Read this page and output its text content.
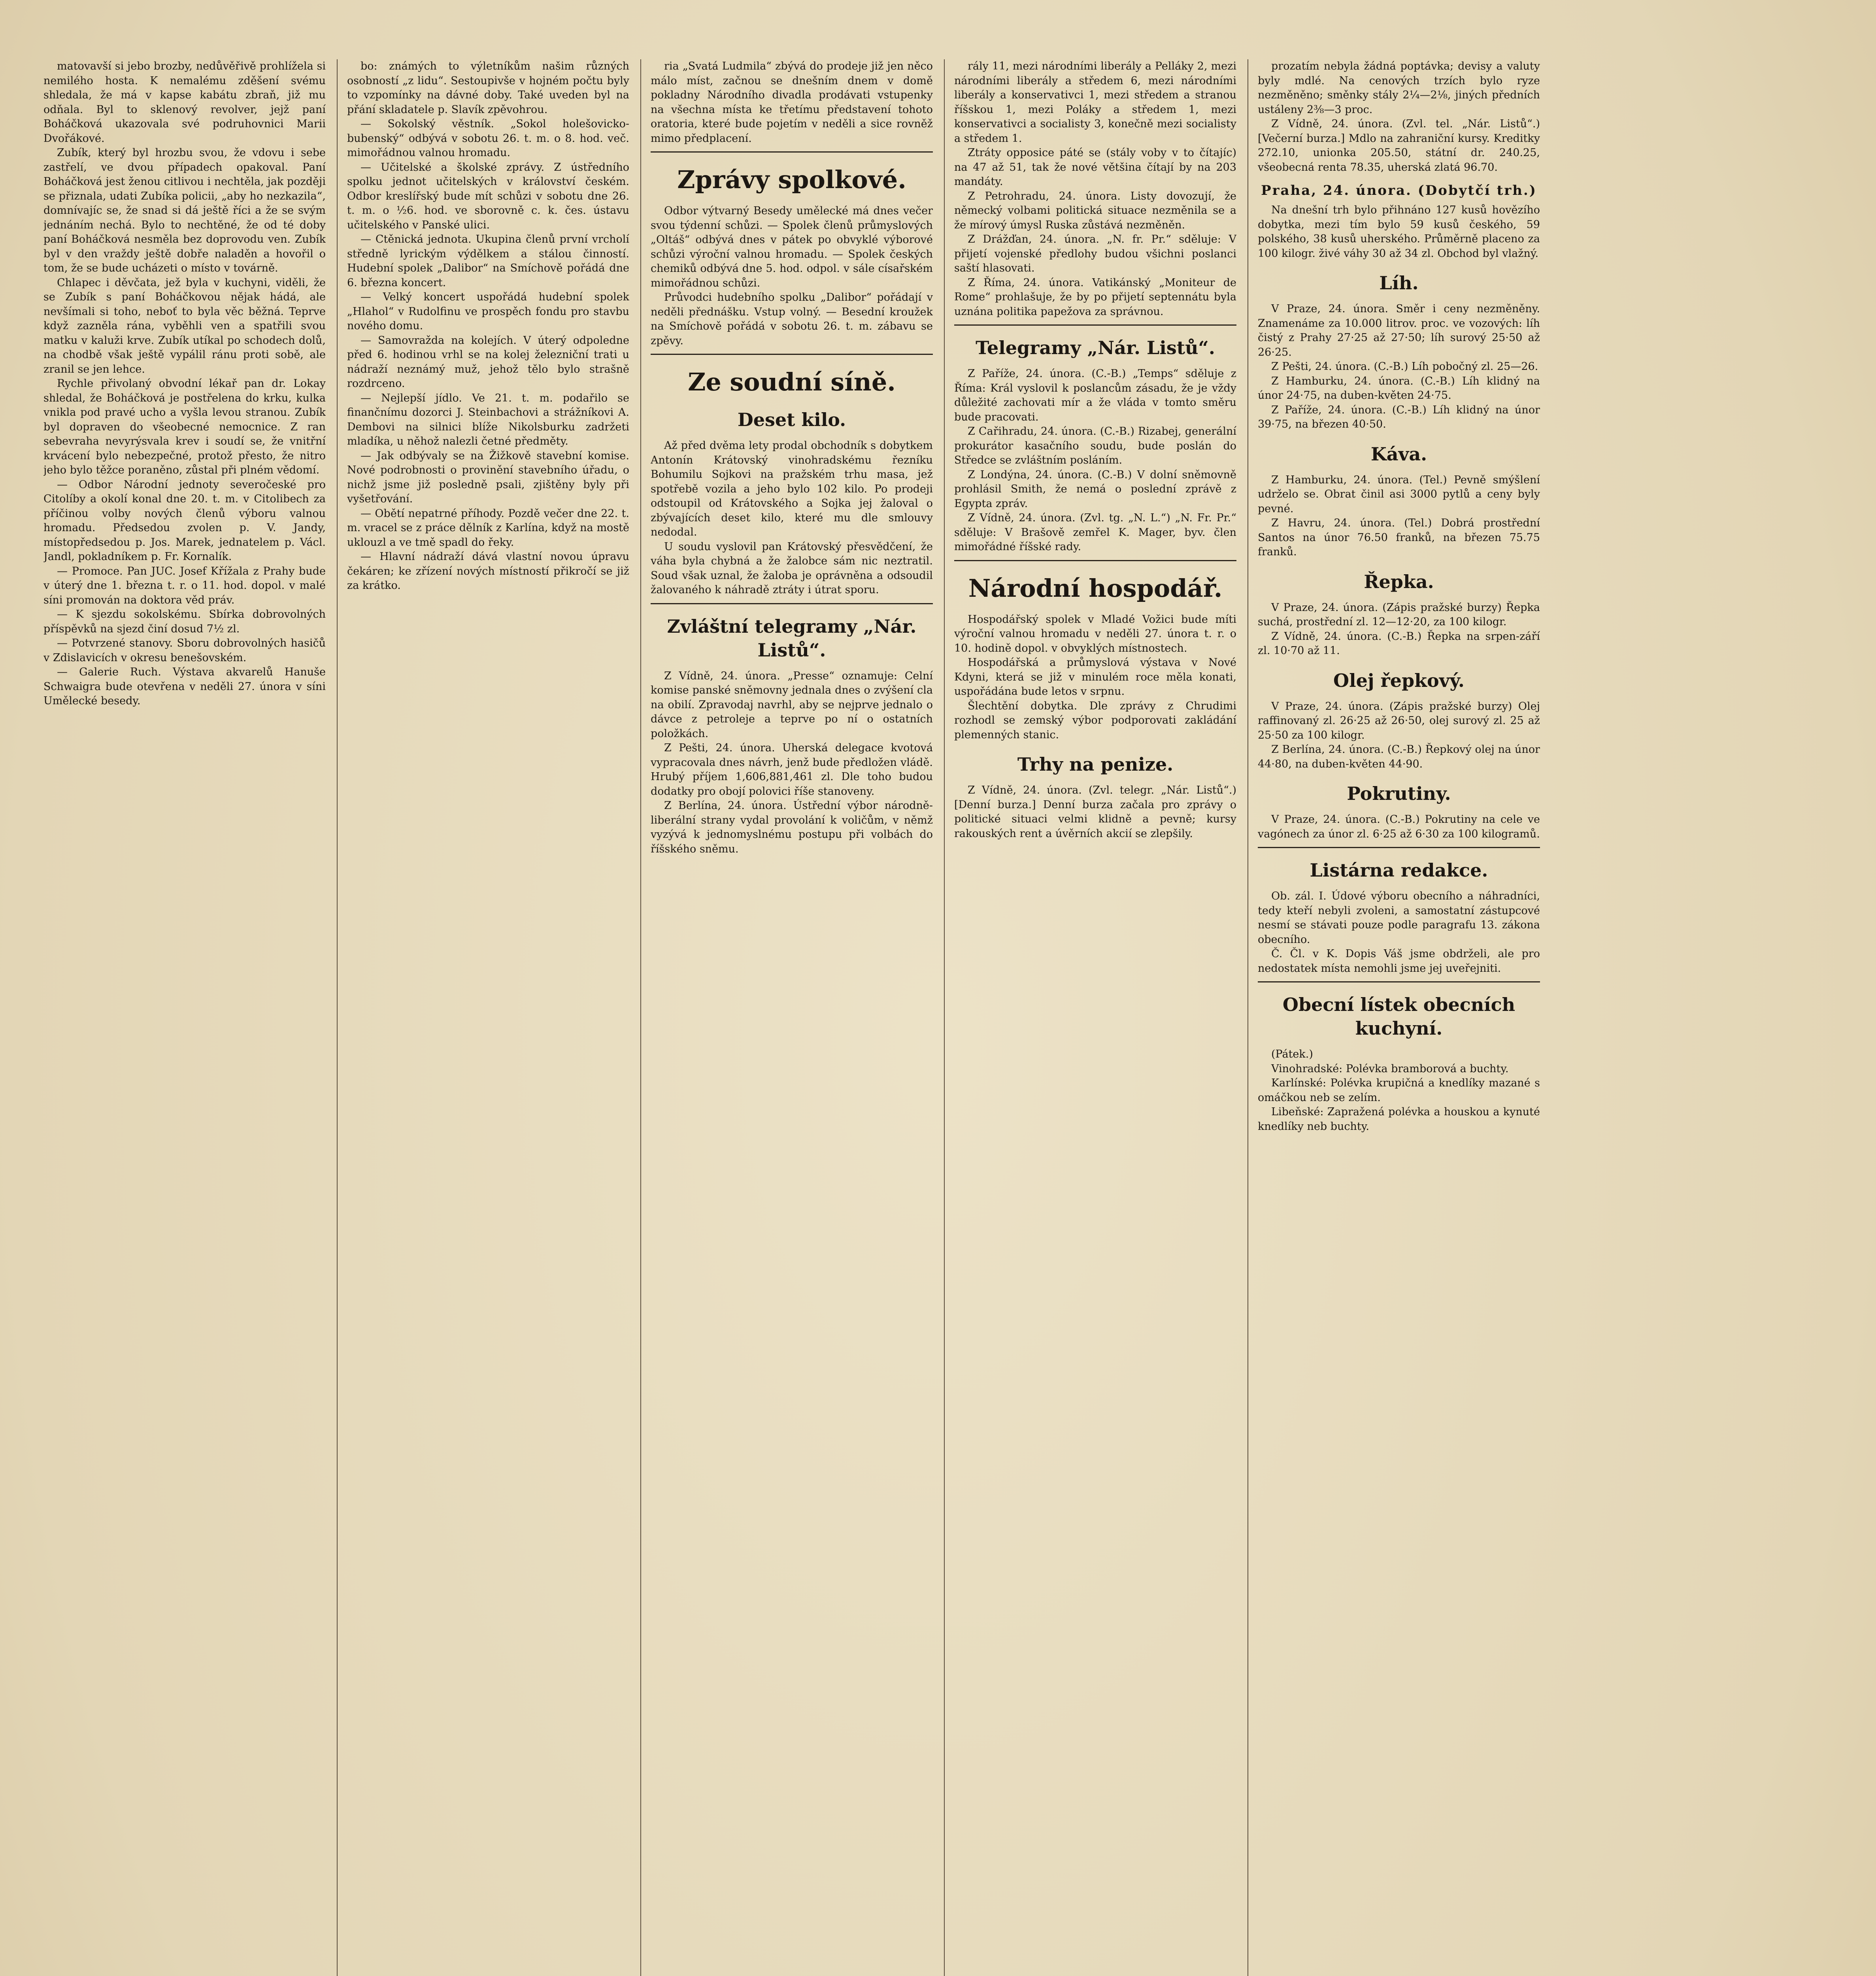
matovavší si jebo brozby, nedůvěřivě prohlížela si nemilého hosta. K nemalému zděšení svému shledala, že má v kapse kabátu zbraň, již mu odňala. Byl to sklenový revolver, jejž paní Boháčková ukazovala své podruhovnici Marii Dvořákové.

Zubík, který byl hrozbu svou, že vdovu i sebe zastřelí, ve dvou případech opakoval. Paní Boháčková jest ženou citlivou i nechtěla, jak později se přiznala, udati Zubíka policii, „aby ho nezkazila“, domnívajíc se, že snad si dá ještě říci a že se svým jednáním nechá. Bylo to nechtěné, že od té doby paní Boháčková nesměla bez doprovodu ven. Zubík byl v den vraždy ještě dobře naladěn a hovořil o tom, že se bude ucházeti o místo v továrně.

Chlapec i děvčata, jež byla v kuchyni, viděli, že se Zubík s paní Boháčkovou nějak hádá, ale nevšímali si toho, neboť to byla věc běžná. Teprve když zazněla rána, vyběhli ven a spatřili svou matku v kaluži krve. Zubík utíkal po schodech dolů, na chodbě však ještě vypálil ránu proti sobě, ale zranil se jen lehce.

Rychle přivolaný obvodní lékař pan dr. Lokay shledal, že Boháčková je postřelena do krku, kulka vnikla pod pravé ucho a vyšla levou stranou. Zubík byl dopraven do všeobecné nemocnice. Z ran sebevraha nevyrýsvala krev i soudí se, že vnitřní krvácení bylo nebezpečné, protož přesto, že nitro jeho bylo těžce poraněno, zůstal při plném vědomí.

— Odbor Národní jednoty severočeské pro Citolíby a okolí konal dne 20. t. m. v Citolibech za příčinou volby nových členů výboru valnou hromadu. Předsedou zvolen p. V. Jandy, místopředsedou p. Jos. Marek, jednatelem p. Václ. Jandl, pokladníkem p. Fr. Kornalík.

— Promoce. Pan JUC. Josef Křížala z Prahy bude v úterý dne 1. března t. r. o 11. hod. dopol. v malé síni promován na doktora věd práv.

— K sjezdu sokolskému. Sbírka dobrovolných příspěvků na sjezd činí dosud 7½ zl.

— Potvrzené stanovy. Sboru dobrovolných hasičů v Zdislavicích v okresu benešovském.

— Galerie Ruch. Výstava akvarelů Hanuše Schwaigra bude otevřena v neděli 27. února v síni Umělecké besedy.

bo: známých to výletníkům našim různých osobností „z lidu“. Sestoupivše v hojném počtu byly to vzpomínky na dávné doby. Také uveden byl na přání skladatele p. Slavík zpěvohrou.

— Sokolský věstník. „Sokol holešovicko-bubenský“ odbývá v sobotu 26. t. m. o 8. hod. več. mimořádnou valnou hromadu.

— Učitelské a školské zprávy. Z ústředního spolku jednot učitelských v království českém. Odbor kreslířský bude mít schůzi v sobotu dne 26. t. m. o ½6. hod. ve sborovně c. k. čes. ústavu učitelského v Panské ulici.

— Ctěnická jednota. Ukupina členů první vrcholí středně lyrickým výdělkem a stálou činností. Hudební spolek „Dalibor“ na Smíchově pořádá dne 6. března koncert.

— Velký koncert uspořádá hudební spolek „Hlahol“ v Rudolfinu ve prospěch fondu pro stavbu nového domu.

— Samovražda na kolejích. V úterý odpoledne před 6. hodinou vrhl se na kolej železniční trati u nádraží neznámý muž, jehož tělo bylo strašně rozdrceno.

— Nejlepší jídlo. Ve 21. t. m. podařilo se finančnímu dozorci J. Steinbachovi a strážníkovi A. Dembovi na silnici blíže Nikolsburku zadržeti mladíka, u něhož nalezli četné předměty.

— Jak odbývaly se na Žižkově stavební komise. Nové podrobnosti o provinění stavebního úřadu, o nichž jsme již posledně psali, zjištěny byly při vyšetřování.

— Obětí nepatrné příhody. Pozdě večer dne 22. t. m. vracel se z práce dělník z Karlína, když na mostě uklouzl a ve tmě spadl do řeky.

— Hlavní nádraží dává vlastní novou úpravu čekáren; ke zřízení nových místností přikročí se již za krátko.

ria „Svatá Ludmila“ zbývá do prodeje již jen něco málo míst, začnou se dnešním dnem v domě pokladny Národního divadla prodávati vstupenky na všechna místa ke třetímu představení tohoto oratoria, které bude pojetím v neděli a sice rovněž mimo předplacení.

Zprávy spolkové.

Odbor výtvarný Besedy umělecké má dnes večer svou týdenní schůzi. — Spolek členů průmyslových „Oltáš“ odbývá dnes v pátek po obvyklé výborové schůzi výroční valnou hromadu. — Spolek českých chemiků odbývá dne 5. hod. odpol. v sále císařském mimořádnou schůzi.

Průvodci hudebního spolku „Dalibor“ pořádají v neděli přednášku. Vstup volný. — Besední kroužek na Smíchově pořádá v sobotu 26. t. m. zábavu se zpěvy.

Ze soudní síně.
Deset kilo.

Až před dvěma lety prodal obchodník s dobytkem Antonín Krátovský vinohradskému řezníku Bohumilu Sojkovi na pražském trhu masa, jež spotřebě vozila a jeho bylo 102 kilo. Po prodeji odstoupil od Krátovského a Sojka jej žaloval o zbývajících deset kilo, které mu dle smlouvy nedodal.

U soudu vyslovil pan Krátovský přesvědčení, že váha byla chybná a že žalobce sám nic neztratil. Soud však uznal, že žaloba je oprávněna a odsoudil žalovaného k náhradě ztráty i útrat sporu.

Zvláštní telegramy „Nár. Listů“.

Z Vídně, 24. února. „Presse“ oznamuje: Celní komise panské sněmovny jednala dnes o zvýšení cla na obilí. Zpravodaj navrhl, aby se nejprve jednalo o dávce z petroleje a teprve po ní o ostatních položkách.

Z Pešti, 24. února. Uherská delegace kvotová vypracovala dnes návrh, jenž bude předložen vládě. Hrubý příjem 1,606,881,461 zl. Dle toho budou dodatky pro obojí polovici říše stanoveny.

Z Berlína, 24. února. Ústřední výbor národně-liberální strany vydal provolání k voličům, v němž vyzývá k jednomyslnému postupu při volbách do říšského sněmu.

rály 11, mezi národními liberály a Pelláky 2, mezi národními liberály a středem 6, mezi národními liberály a konservativci 1, mezi středem a stranou říšskou 1, mezi Poláky a středem 1, mezi konservativci a socialisty 3, konečně mezi socialisty a středem 1.

Ztráty opposice páté se (stály voby v to čítajíc) na 47 až 51, tak že nové většina čítají by na 203 mandáty.

Z Petrohradu, 24. února. Listy dovozují, že německý volbami politická situace nezměnila se a že mírový úmysl Ruska zůstává nezměněn.

Z Drážďan, 24. února. „N. fr. Pr.“ sděluje: V přijetí vojenské předlohy budou všichni poslanci saští hlasovati.

Z Říma, 24. února. Vatikánský „Moniteur de Rome“ prohlašuje, že by po přijetí septennátu byla uznána politika papežova za správnou.

Telegramy „Nár. Listů“.

Z Paříže, 24. února. (C.-B.) „Temps“ sděluje z Říma: Král vyslovil k poslancům zásadu, že je vždy důležité zachovati mír a že vláda v tomto směru bude pracovati.

Z Cařihradu, 24. února. (C.-B.) Rizabej, generální prokurátor kasačního soudu, bude poslán do Středce se zvláštním posláním.

Z Londýna, 24. února. (C.-B.) V dolní sněmovně prohlásil Smith, že nemá o poslední zprávě z Egypta zpráv.

Z Vídně, 24. února. (Zvl. tg. „N. L.“) „N. Fr. Pr.“ sděluje: V Brašově zemřel K. Mager, byv. člen mimořádné říšské rady.

Národní hospodář.

Hospodářský spolek v Mladé Vožici bude míti výroční valnou hromadu v neděli 27. února t. r. o 10. hodině dopol. v obvyklých místnostech.

Hospodářská a průmyslová výstava v Nové Kdyni, která se již v minulém roce měla konati, uspořádána bude letos v srpnu.

Šlechtění dobytka. Dle zprávy z Chrudimi rozhodl se zemský výbor podporovati zakládání plemenných stanic.

Trhy na penize.

Z Vídně, 24. února. (Zvl. telegr. „Nár. Listů“.) [Denní burza.] Denní burza začala pro zprávy o politické situaci velmi klidně a pevně; kursy rakouských rent a úvěrních akcií se zlepšily.

prozatím nebyla žádná poptávka; devisy a valuty byly mdlé. Na cenových trzích bylo ryze nezměněno; směnky stály 2¼—2⅛, jiných předních ustáleny 2⅜—3 proc.

Z Vídně, 24. února. (Zvl. tel. „Nár. Listů“.) [Večerní burza.] Mdlo na zahraniční kursy. Kreditky 272.10, unionka 205.50, státní dr. 240.25, všeobecná renta 78.35, uherská zlatá 96.70.

Praha, 24. února. (Dobytčí trh.)

Na dnešní trh bylo přihnáno 127 kusů hovězího dobytka, mezi tím bylo 59 kusů českého, 59 polského, 38 kusů uherského. Průměrně placeno za 100 kilogr. živé váhy 30 až 34 zl. Obchod byl vlažný.

Líh.

V Praze, 24. února. Směr i ceny nezměněny. Znamenáme za 10.000 litrov. proc. ve vozových: líh čistý z Prahy 27·25 až 27·50; líh surový 25·50 až 26·25.

Z Pešti, 24. února. (C.-B.) Líh pobočný zl. 25—26.

Z Hamburku, 24. února. (C.-B.) Líh klidný na únor 24·75, na duben-květen 24·75.

Z Paříže, 24. února. (C.-B.) Líh klidný na únor 39·75, na březen 40·50.

Káva.

Z Hamburku, 24. února. (Tel.) Pevně smýšlení udrželo se. Obrat činil asi 3000 pytlů a ceny byly pevné.

Z Havru, 24. února. (Tel.) Dobrá prostřední Santos na únor 76.50 franků, na březen 75.75 franků.

Řepka.

V Praze, 24. února. (Zápis pražské burzy) Řepka suchá, prostřední zl. 12—12·20, za 100 kilogr.

Z Vídně, 24. února. (C.-B.) Řepka na srpen-září zl. 10·70 až 11.

Olej řepkový.

V Praze, 24. února. (Zápis pražské burzy) Olej raffinovaný zl. 26·25 až 26·50, olej surový zl. 25 až 25·50 za 100 kilogr.

Z Berlína, 24. února. (C.-B.) Řepkový olej na únor 44·80, na duben-květen 44·90.

Pokrutiny.

V Praze, 24. února. (C.-B.) Pokrutiny na cele ve vagónech za únor zl. 6·25 až 6·30 za 100 kilogramů.

Listárna redakce.

Ob. zál. I. Údové výboru obecního a náhradníci, tedy kteří nebyli zvoleni, a samostatní zástupcové nesmí se stávati pouze podle paragrafu 13. zákona obecního.

Č. Čl. v K. Dopis Váš jsme obdrželi, ale pro nedostatek místa nemohli jsme jej uveřejniti.

Obecní lístek obecních kuchyní.

(Pátek.)

Vinohradské: Polévka bramborová a buchty.

Karlínské: Polévka krupičná a knedlíky mazané s omáčkou neb se zelím.

Libeňské: Zapražená polévka a houskou a kynuté knedlíky neb buchty.
